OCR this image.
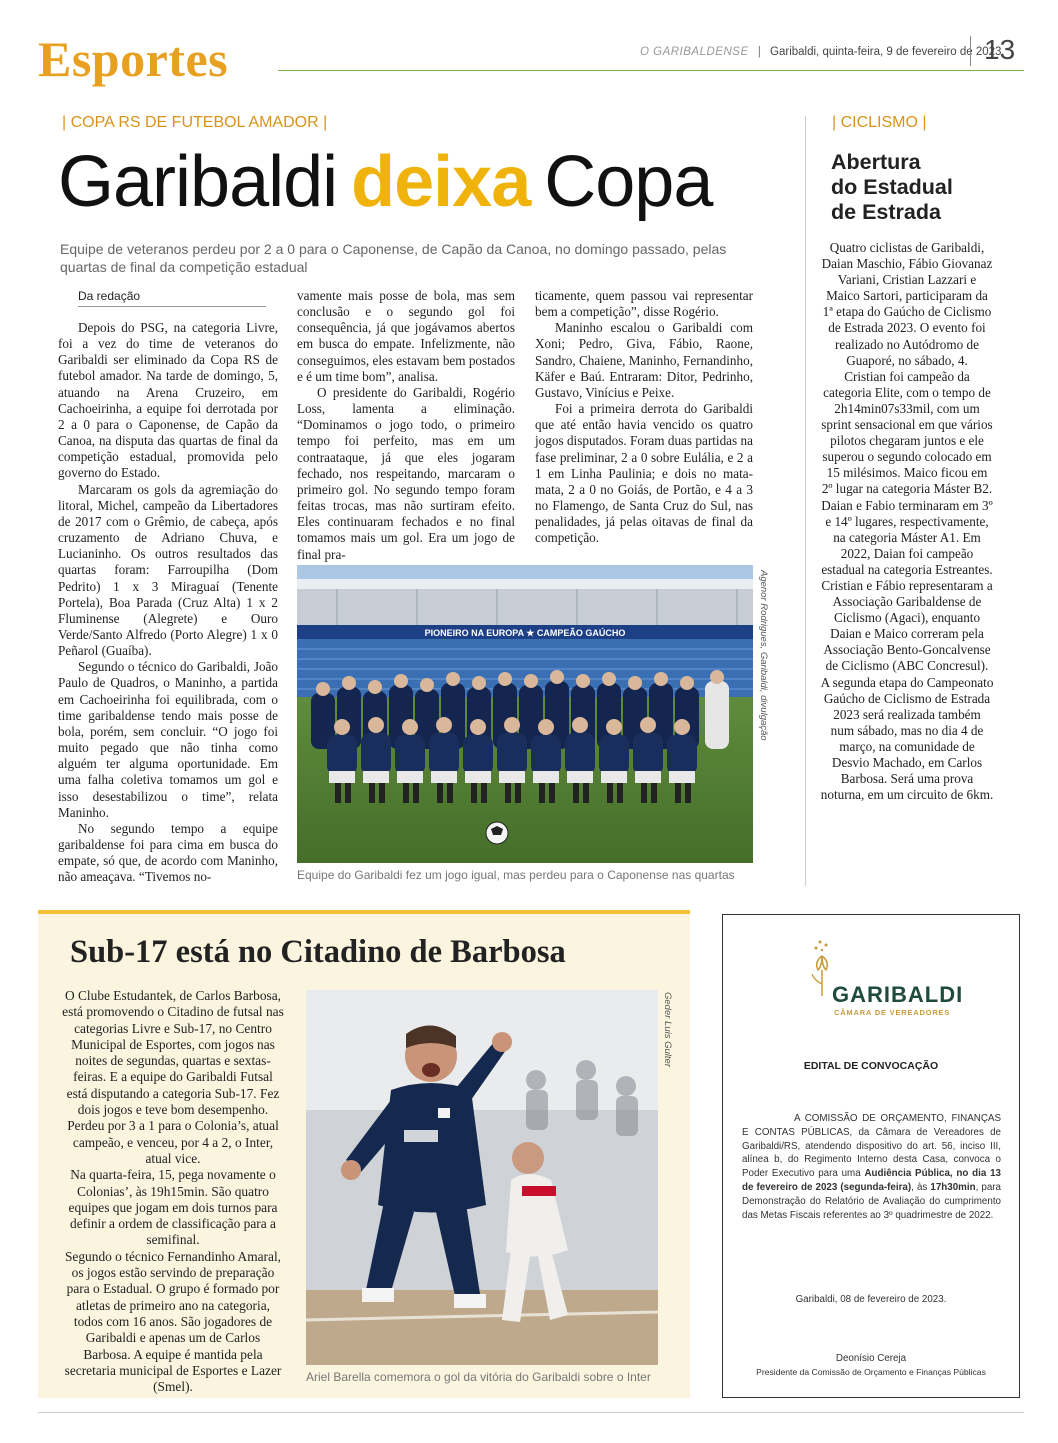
Esportes	O GARIBALDENSE | Garibaldi, quinta-feira, 9 de fevereiro de 2023
13
| COPA RS DE FUTEBOL AMADOR |
Garibaldi deixa Copa
Equipe de veteranos perdeu por 2 a 0 para o Caponense, de Capão da Canoa, no domingo passado, pelas quartas de final da competição estadual
Da redação

Depois do PSG, na categoria Livre, foi a vez do time de veteranos do Garibaldi ser eliminado da Copa RS de futebol amador. Na tarde de domingo, 5, atuando na Arena Cruzeiro, em Cachoeirinha, a equipe foi derrotada por 2 a 0 para o Caponense, de Capão da Canoa, na disputa das quartas de final da competição estadual, promovida pelo governo do Estado.

Marcaram os gols da agremiação do litoral, Michel, campeão da Libertadores de 2017 com o Grêmio, de cabeça, após cruzamento de Adriano Chuva, e Lucianinho. Os outros resultados das quartas foram: Farroupilha (Dom Pedrito) 1 x 3 Miraguaí (Tenente Portela), Boa Parada (Cruz Alta) 1 x 2 Fluminense (Alegrete) e Ouro Verde/Santo Alfredo (Porto Alegre) 1 x 0 Peñarol (Guaíba).

Segundo o técnico do Garibaldi, João Paulo de Quadros, o Maninho, a partida em Cachoeirinha foi equilibrada, com o time garibaldense tendo mais posse de bola, porém, sem concluir. “O jogo foi muito pegado que não tinha como alguém ter alguma oportunidade. Em uma falha coletiva tomamos um gol e isso desestabilizou o time”, relata Maninho.

No segundo tempo a equipe garibaldense foi para cima em busca do empate, só que, de acordo com Maninho, não ameaçava. “Tivemos no-

vamente mais posse de bola, mas sem conclusão e o segundo gol foi consequência, já que jogávamos abertos em busca do empate. Infelizmente, não conseguimos, eles estavam bem postados e é um time bom”, analisa.

O presidente do Garibaldi, Rogério Loss, lamenta a eliminação. “Dominamos o jogo todo, o primeiro tempo foi perfeito, mas em um contraataque, já que eles jogaram fechado, nos respeitando, marcaram o primeiro gol. No segundo tempo foram feitas trocas, mas não surtiram efeito. Eles continuaram fechados e no final tomamos mais um gol. Era um jogo de final pra-

ticamente, quem passou vai representar bem a competição”, disse Rogério.

Maninho escalou o Garibaldi com Xoni; Pedro, Giva, Fábio, Raone, Sandro, Chaiene, Maninho, Fernandinho, Käfer e Baú. Entraram: Ditor, Pedrinho, Gustavo, Vinícius e Peixe.

Foi a primeira derrota do Garibaldi que até então havia vencido os quatro jogos disputados. Foram duas partidas na fase preliminar, 2 a 0 sobre Eulália, e 2 a 1 em Linha Paulinia; e dois no mata-mata, 2 a 0 no Goiás, de Portão, e 4 a 3 no Flamengo, de Santa Cruz do Sul, nas penalidades, já pelas oitavas de final da competição.

PIONEIRO NA EUROPA ★ CAMPEÃO GAÚCHO	Agenor Rodrigues, Garibaldi, divulgação
Equipe do Garibaldi fez um jogo igual, mas perdeu para o Caponense nas quartas
| CICLISMO |
Abertura
do Estadual
de Estrada

Quatro ciclistas de Garibaldi, Daian Maschio, Fábio Giovanaz Variani, Cristian Lazzari e Maico Sartori, participaram da 1ª etapa do Gaúcho de Ciclismo de Estrada 2023. O evento foi realizado no Autódromo de Guaporé, no sábado, 4.

Cristian foi campeão da categoria Elite, com o tempo de 2h14min07s33mil, com um sprint sensacional em que vários pilotos chegaram juntos e ele superou o segundo colocado em 15 milésimos. Maico ficou em 2º lugar na categoria Máster B2. Daian e Fabio terminaram em 3º e 14º lugares, respectivamente, na categoria Máster A1. Em 2022, Daian foi campeão estadual na categoria Estreantes.

Cristian e Fábio representaram a Associação Garibaldense de Ciclismo (Agaci), enquanto Daian e Maico correram pela Associação Bento-Goncalvense de Ciclismo (ABC Concresul).

A segunda etapa do Campeonato Gaúcho de Ciclismo de Estrada 2023 será realizada também num sábado, mas no dia 4 de março, na comunidade de Desvio Machado, em Carlos Barbosa. Será uma prova noturna, em um circuito de 6km.

Sub-17 está no Citadino de Barbosa

O Clube Estudantek, de Carlos Barbosa, está promovendo o Citadino de futsal nas categorias Livre e Sub-17, no Centro Municipal de Esportes, com jogos nas noites de segundas, quartas e sextas-feiras. E a equipe do Garibaldi Futsal está disputando a categoria Sub-17. Fez dois jogos e teve bom desempenho. Perdeu por 3 a 1 para o Colonia’s, atual campeão, e venceu, por 4 a 2, o Inter, atual vice.

Na quarta-feira, 15, pega novamente o Colonias’, às 19h15min. São quatro equipes que jogam em dois turnos para definir a ordem de classificação para a semifinal.

Segundo o técnico Fernandinho Amaral, os jogos estão servindo de preparação para o Estadual. O grupo é formado por atletas de primeiro ano na categoria, todos com 16 anos. São jogadores de Garibaldi e apenas um de Carlos Barbosa. A equipe é mantida pela secretaria municipal de Esportes e Lazer (Smel).

Geder Luis Gulter
Ariel Barella comemora o gol da vitória do Garibaldi sobre o Inter
GARIBALDI
CÂMARA DE VEREADORES
EDITAL DE CONVOCAÇÃO
A COMISSÃO DE ORÇAMENTO, FINANÇAS E CONTAS PÚBLICAS, da Câmara de Vereadores de Garibaldi/RS, atendendo dispositivo do art. 56, inciso III, alínea b, do Regimento Interno desta Casa, convoca o Poder Executivo para uma Audiência Pública, no dia 13 de fevereiro de 2023 (segunda-feira), às 17h30min, para Demonstração do Relatório de Avaliação do cumprimento das Metas Fiscais referentes ao 3º quadrimestre de 2022.
Garibaldi, 08 de fevereiro de 2023.
Deonísio Cereja
Presidente da Comissão de Orçamento e Finanças Públicas
